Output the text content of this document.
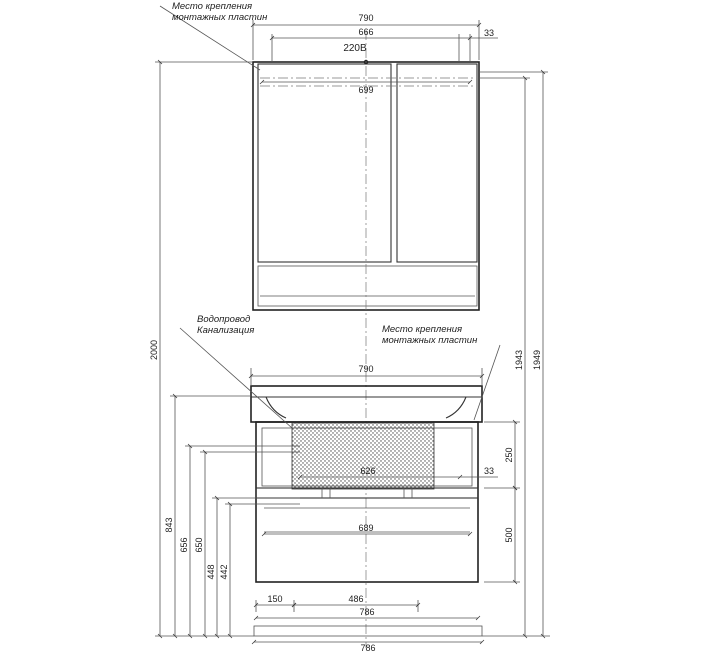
790
666	33
699
220В
Место крепления
монтажных пластин
790
626	33
689
150	486
786
786
250
500
Водопровод
Канализация	Место крепления
монтажных пластин
2000
843
656 650
448 442
1943 1949
